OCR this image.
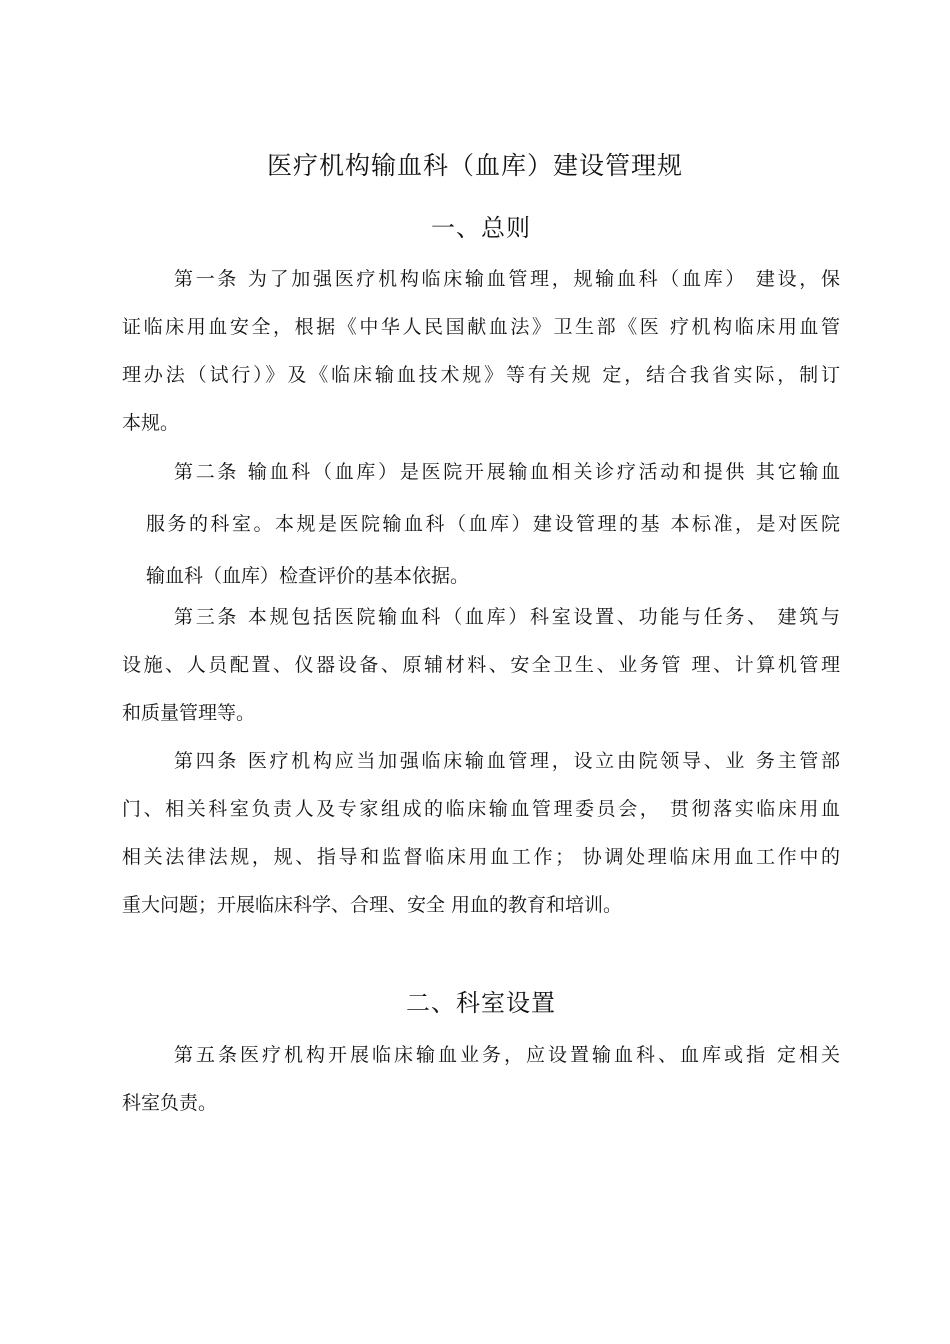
医疗机构输血科（血库）建设管理规
一、总则
第一条 为了加强医疗机构临床输血管理，规输血科（血库） 建设，保
证临床用血安全，根据《中华人民国献血法》卫生部《医 疗机构临床用血管
理办法（试行）》及《临床输血技术规》等有关规 定，结合我省实际，制订
本规。
第二条 输血科（血库）是医院开展输血相关诊疗活动和提供 其它输血
服务的科室。本规是医院输血科（血库）建设管理的基 本标准，是对医院
输血科（血库）检查评价的基本依据。
第三条 本规包括医院输血科（血库）科室设置、功能与任务、 建筑与
设施、人员配置、仪器设备、原辅材料、安全卫生、业务管 理、计算机管理
和质量管理等。
第四条 医疗机构应当加强临床输血管理，设立由院领导、业 务主管部
门、相关科室负责人及专家组成的临床输血管理委员会， 贯彻落实临床用血
相关法律法规，规、指导和监督临床用血工作； 协调处理临床用血工作中的
重大问题；开展临床科学、合理、安全 用血的教育和培训。
二、科室设置
第五条医疗机构开展临床输血业务，应设置输血科、血库或指 定相关
科室负责。
